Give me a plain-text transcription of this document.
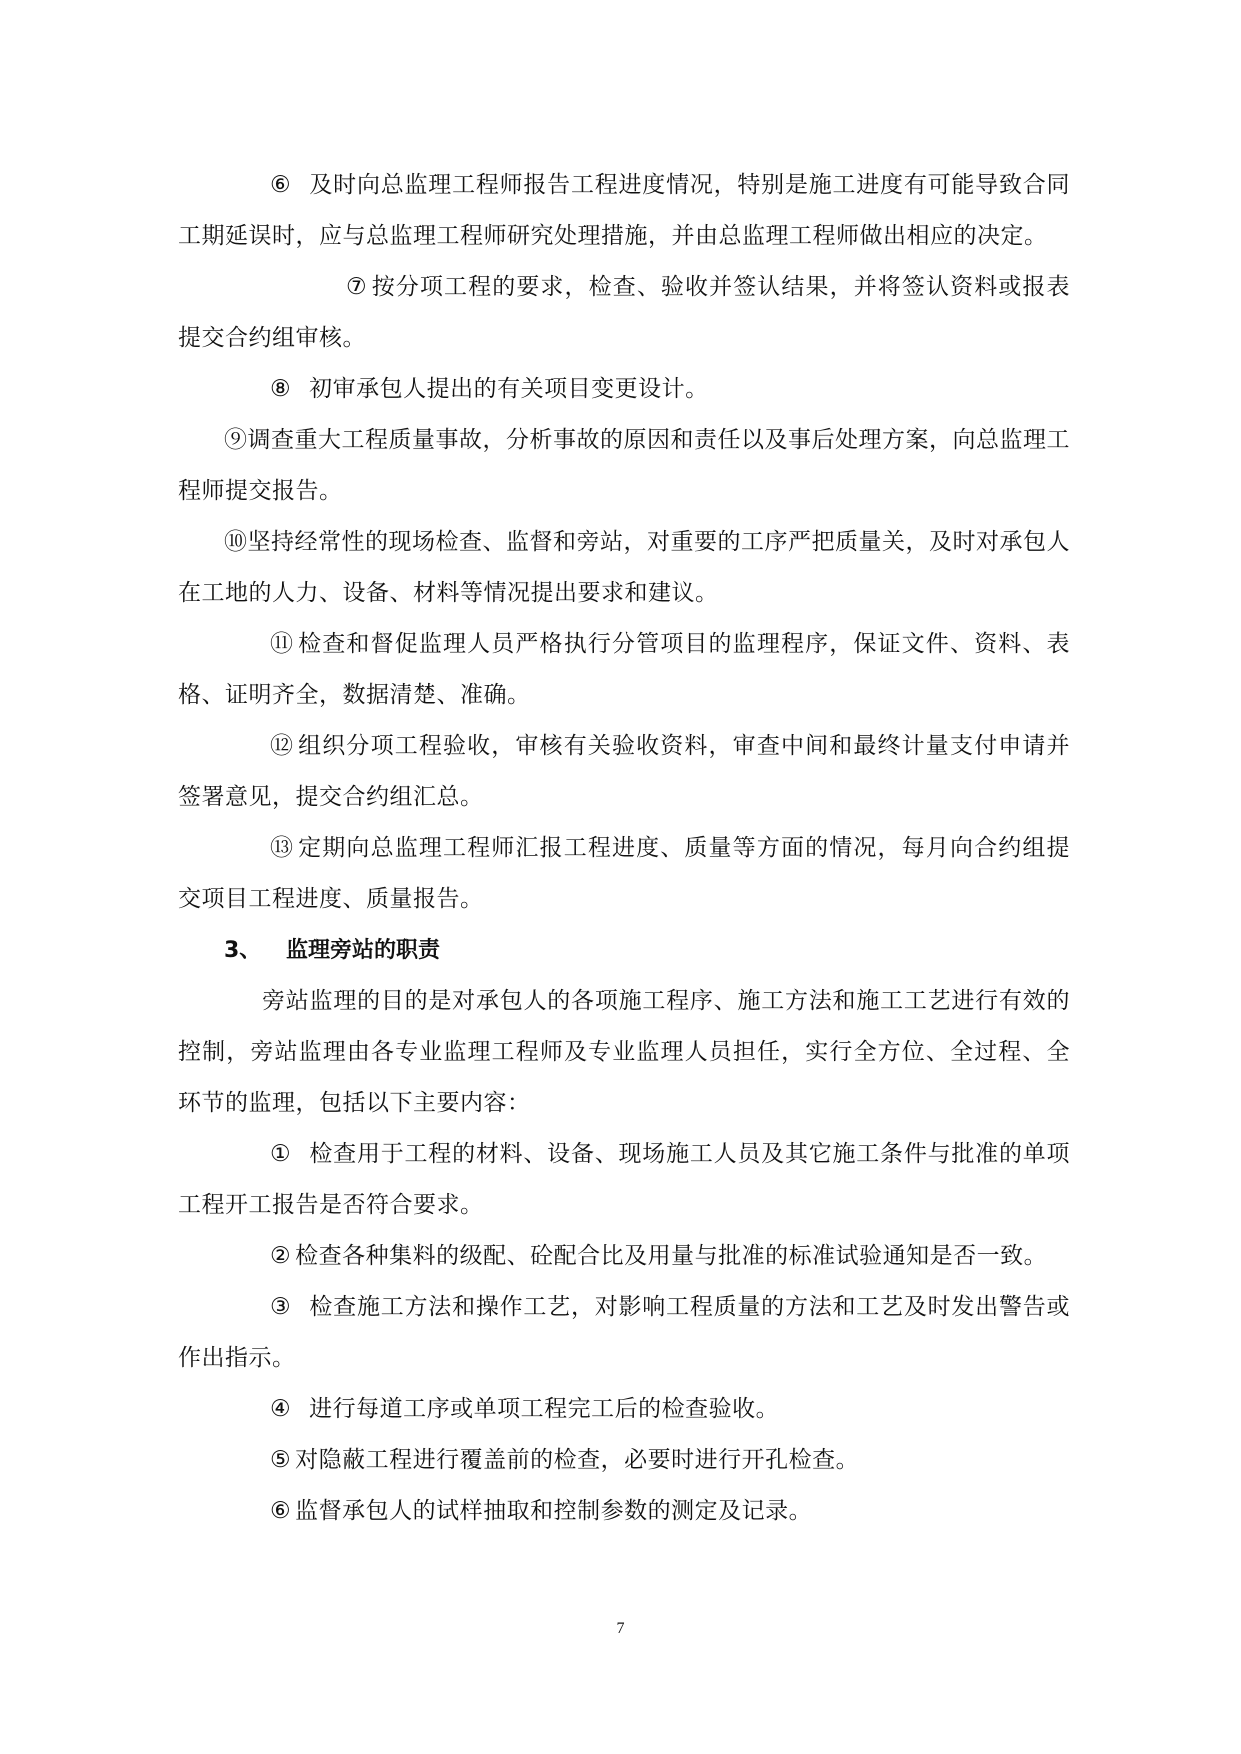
⑥ 及时向总监理工程师报告工程进度情况，特别是施工进度有可能导致合同工期延误时，应与总监理工程师研究处理措施，并由总监理工程师做出相应的决定。

⑦ 按分项工程的要求，检查、验收并签认结果，并将签认资料或报表提交合约组审核。

⑧ 初审承包人提出的有关项目变更设计。

⑨调查重大工程质量事故，分析事故的原因和责任以及事后处理方案，向总监理工程师提交报告。

⑩坚持经常性的现场检查、监督和旁站，对重要的工序严把质量关，及时对承包人在工地的人力、设备、材料等情况提出要求和建议。

⑪ 检查和督促监理人员严格执行分管项目的监理程序，保证文件、资料、表格、证明齐全，数据清楚、准确。

⑫ 组织分项工程验收，审核有关验收资料，审查中间和最终计量支付申请并签署意见，提交合约组汇总。

⑬ 定期向总监理工程师汇报工程进度、质量等方面的情况，每月向合约组提交项目工程进度、质量报告。

3、 监理旁站的职责

旁站监理的目的是对承包人的各项施工程序、施工方法和施工工艺进行有效的控制，旁站监理由各专业监理工程师及专业监理人员担任，实行全方位、全过程、全环节的监理，包括以下主要内容：

① 检查用于工程的材料、设备、现场施工人员及其它施工条件与批准的单项工程开工报告是否符合要求。

② 检查各种集料的级配、砼配合比及用量与批准的标准试验通知是否一致。

③ 检查施工方法和操作工艺，对影响工程质量的方法和工艺及时发出警告或作出指示。

④ 进行每道工序或单项工程完工后的检查验收。

⑤ 对隐蔽工程进行覆盖前的检查，必要时进行开孔检查。

⑥ 监督承包人的试样抽取和控制参数的测定及记录。

7
